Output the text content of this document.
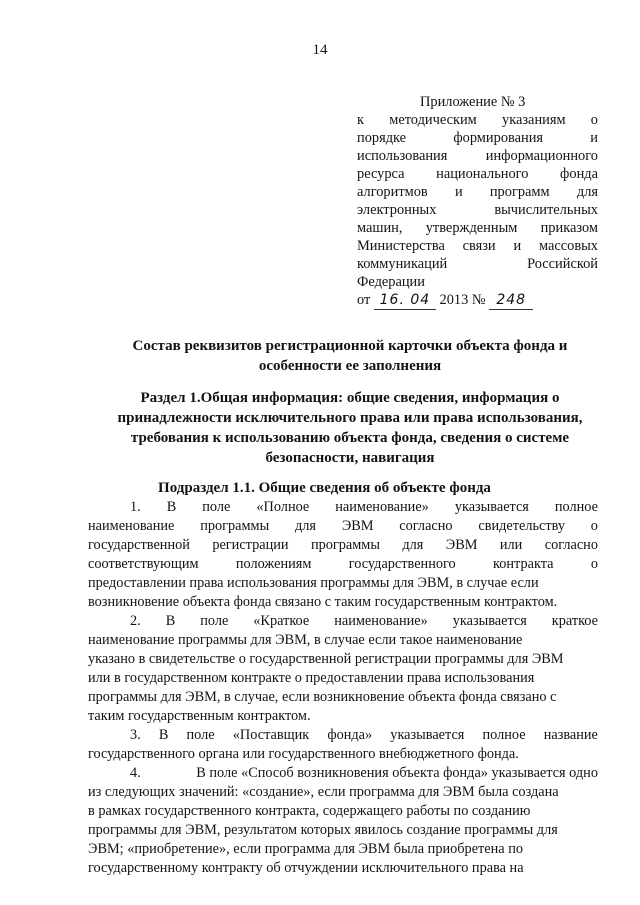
14
Приложение № 3
к методическим указаниям о
порядке	формирования	и
использования	информационного
ресурса национального фонда
алгоритмов и программ для
электронных	вычислительных
машин, утвержденным приказом
Министерства связи и массовых
коммуникаций	Российской
Федерации
от 16. 04 2013 № 248
Состав реквизитов регистрационной карточки объекта фонда и
особенности ее заполнения
Раздел 1.Общая информация: общие сведения, информация о
принадлежности исключительного права или права использования,
требования к использованию объекта фонда, сведения о системе
безопасности, навигация
Подраздел 1.1. Общие сведения об объекте фонда
1. В поле «Полное наименование» указывается полное
наименование программы для ЭВМ согласно свидетельству о
государственной регистрации программы для ЭВМ или согласно
соответствующим	положениям	государственного	контракта	о
предоставлении права использования программы для ЭВМ, в случае если
возникновение объекта фонда связано с таким государственным контрактом.
2. В поле «Краткое наименование» указывается краткое
наименование программы для ЭВМ, в случае если такое наименование
указано в свидетельстве о государственной регистрации программы для ЭВМ
или в государственном контракте о предоставлении права использования
программы для ЭВМ, в случае, если возникновение объекта фонда связано с
таким государственным контрактом.
3. В поле «Поставщик фонда» указывается полное название
государственного органа или государственного внебюджетного фонда.
4.	В поле «Способ возникновения объекта фонда» указывается одно
из следующих значений: «создание», если программа для ЭВМ была создана
в рамках государственного контракта, содержащего работы по созданию
программы для ЭВМ, результатом которых явилось создание программы для
ЭВМ; «приобретение», если программа для ЭВМ была приобретена по
государственному контракту об отчуждении исключительного права на
